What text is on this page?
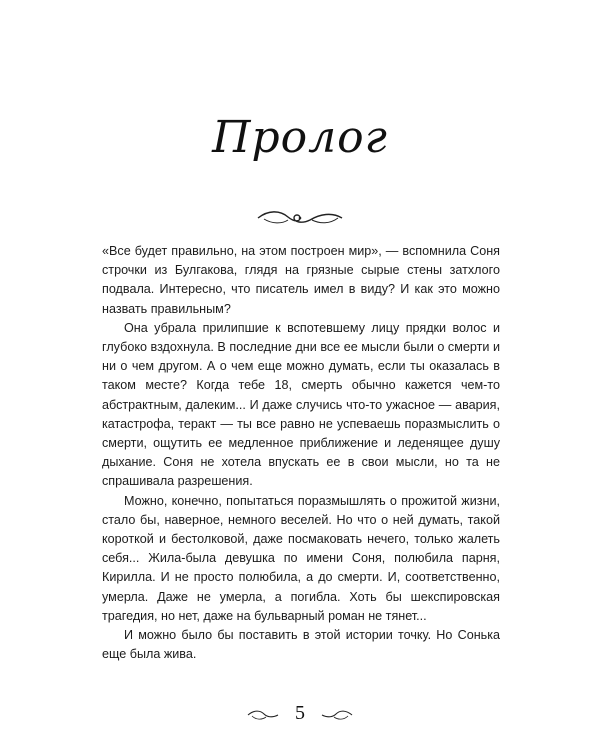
Пролог

«Все будет правильно, на этом построен мир», — вспомнила Соня строчки из Булгакова, глядя на грязные сырые стены затхлого подвала. Интересно, что писатель имел в виду? И как это можно назвать правильным?

Она убрала прилипшие к вспотевшему лицу прядки волос и глубоко вздохнула. В последние дни все ее мысли были о смерти и ни о чем другом. А о чем еще можно думать, если ты оказалась в таком месте? Когда тебе 18, смерть обычно кажется чем-то абстрактным, далеким... И даже случись что-то ужасное — авария, катастрофа, теракт — ты все равно не успеваешь поразмыслить о смерти, ощутить ее медленное приближение и леденящее душу дыхание. Соня не хотела впускать ее в свои мысли, но та не спрашивала разрешения.

Можно, конечно, попытаться поразмышлять о прожитой жизни, стало бы, наверное, немного веселей. Но что о ней думать, такой короткой и бестолковой, даже посмаковать нечего, только жалеть себя... Жила-была девушка по имени Соня, полюбила парня, Кирилла. И не просто полюбила, а до смерти. И, соответственно, умерла. Даже не умерла, а погибла. Хоть бы шекспировская трагедия, но нет, даже на бульварный роман не тянет...

И можно было бы поставить в этой истории точку. Но Сонька еще была жива.

5
